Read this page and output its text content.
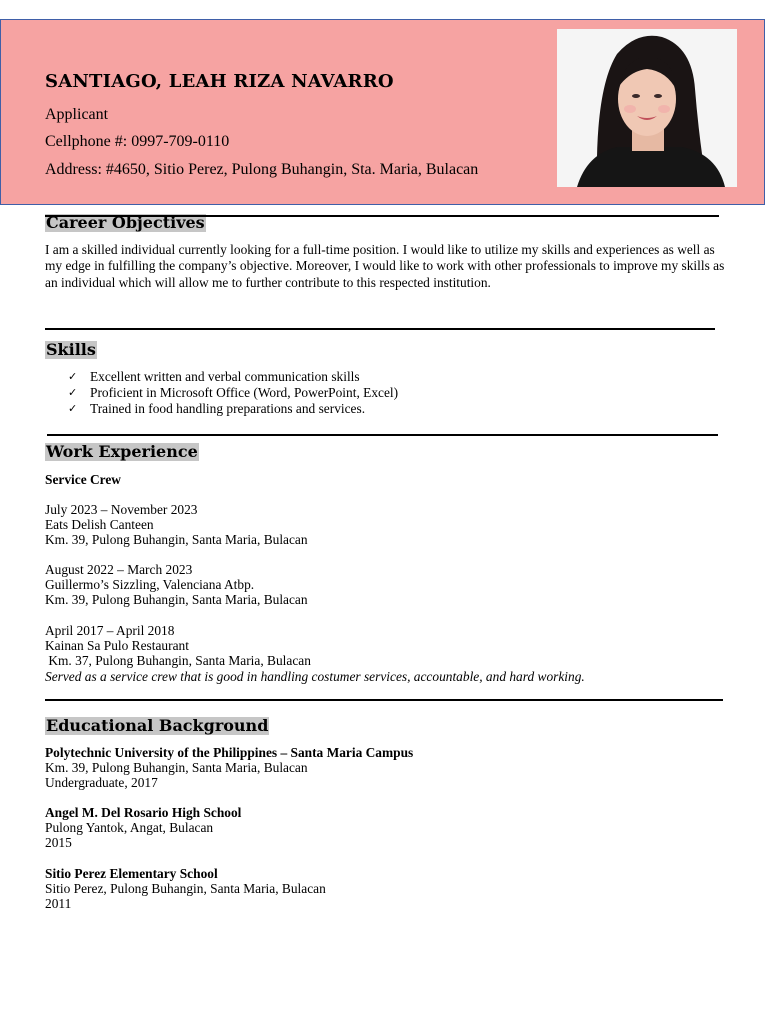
SANTIAGO, LEAH RIZA NAVARRO
Applicant
Cellphone #: 0997-709-0110
Address: #4650, Sitio Perez, Pulong Buhangin, Sta. Maria, Bulacan
Career Objectives
I am a skilled individual currently looking for a full-time position. I would like to utilize my skills and experiences as well as my edge in fulfilling the company’s objective. Moreover, I would like to work with other professionals to improve my skills as an individual which will allow me to further contribute to this respected institution.
Skills
✓ Excellent written and verbal communication skills
✓ Proficient in Microsoft Office (Word, PowerPoint, Excel)
✓ Trained in food handling preparations and services.
Work Experience
Service Crew
July 2023 – November 2023
Eats Delish Canteen
Km. 39, Pulong Buhangin, Santa Maria, Bulacan
August 2022 – March 2023
Guillermo’s Sizzling, Valenciana Atbp.
Km. 39, Pulong Buhangin, Santa Maria, Bulacan
April 2017 – April 2018
Kainan Sa Pulo Restaurant
Km. 37, Pulong Buhangin, Santa Maria, Bulacan
Served as a service crew that is good in handling costumer services, accountable, and hard working.
Educational Background
Polytechnic University of the Philippines – Santa Maria Campus
Km. 39, Pulong Buhangin, Santa Maria, Bulacan
Undergraduate, 2017
Angel M. Del Rosario High School
Pulong Yantok, Angat, Bulacan
2015
Sitio Perez Elementary School
Sitio Perez, Pulong Buhangin, Santa Maria, Bulacan
2011
